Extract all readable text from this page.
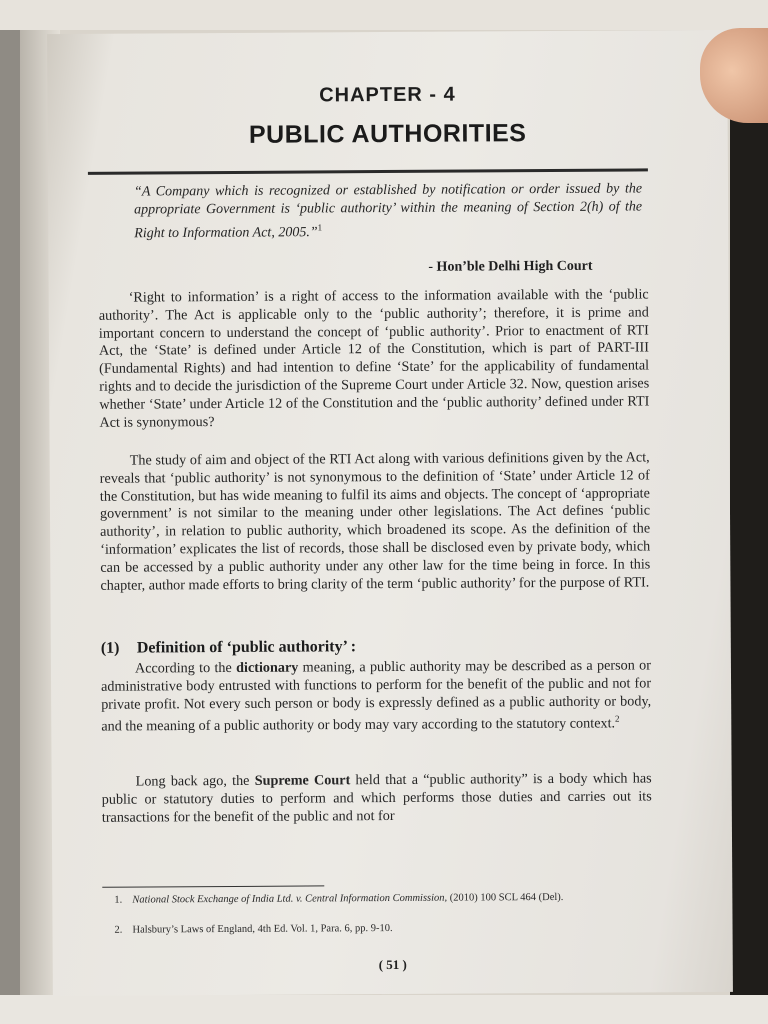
CHAPTER - 4
PUBLIC AUTHORITIES
“A Company which is recognized or established by notification or order issued by the appropriate Government is ‘public authority’ within the meaning of Section 2(h) of the Right to Information Act, 2005.”$^1$
- Hon’ble Delhi High Court
‘Right to information’ is a right of access to the information available with the ‘public authority’. The Act is applicable only to the ‘public authority’; therefore, it is prime and important concern to understand the concept of ‘public authority’. Prior to enactment of RTI Act, the ‘State’ is defined under Article 12 of the Constitution, which is part of PART-III (Fundamental Rights) and had intention to define ‘State’ for the applicability of fundamental rights and to decide the jurisdiction of the Supreme Court under Article 32. Now, question arises whether ‘State’ under Article 12 of the Constitution and the ‘public authority’ defined under RTI Act is synonymous?
The study of aim and object of the RTI Act along with various definitions given by the Act, reveals that ‘public authority’ is not synonymous to the definition of ‘State’ under Article 12 of the Constitution, but has wide meaning to fulfil its aims and objects. The concept of ‘appropriate government’ is not similar to the meaning under other legislations. The Act defines ‘public authority’, in relation to public authority, which broadened its scope. As the definition of the ‘information’ explicates the list of records, those shall be disclosed even by private body, which can be accessed by a public authority under any other law for the time being in force. In this chapter, author made efforts to bring clarity of the term ‘public authority’ for the purpose of RTI.
(1) Definition of ‘public authority’ :
According to the dictionary meaning, a public authority may be described as a person or administrative body entrusted with functions to perform for the benefit of the public and not for private profit. Not every such person or body is expressly defined as a public authority or body, and the meaning of a public authority or body may vary according to the statutory context.$^2$
Long back ago, the Supreme Court held that a “public authority” is a body which has public or statutory duties to perform and which performs those duties and carries out its transactions for the benefit of the public and not for
1. National Stock Exchange of India Ltd. v. Central Information Commission, (2010) 100 SCL 464 (Del).
2. Halsbury’s Laws of England, 4th Ed. Vol. 1, Para. 6, pp. 9-10.
( 51 )
